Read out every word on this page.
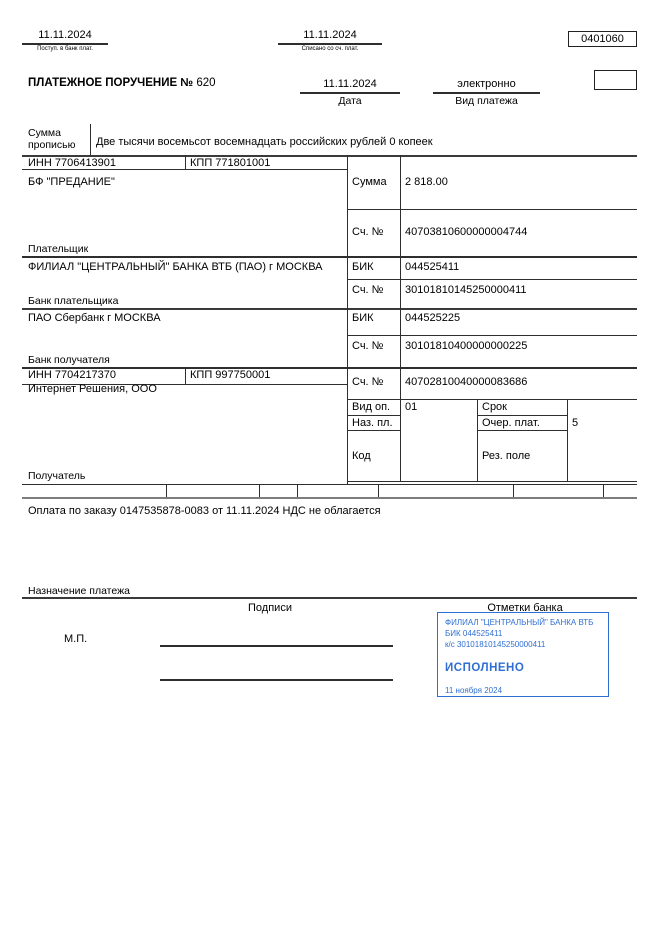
11.11.2024
Поступ. в банк плат.
11.11.2024
Списано со сч. плат.
0401060
ПЛАТЕЖНОЕ ПОРУЧЕНИЕ № 620	11.11.2024
Дата
электронно
Вид платежа
Сумма прописью	Две тысячи восемьсот восемнадцать российских рублей 0 копеек
ИНН 7706413901	КПП 771801001
БФ "ПРЕДАНИЕ"
Плательщик
Сумма 2 818.00
Сч. № 40703810600000004744
ФИЛИАЛ "ЦЕНТРАЛЬНЫЙ" БАНКА ВТБ (ПАО) г МОСКВА	БИК	044525411
Сч. № 30101810145250000411
Банк плательщика
ПАО Сбербанк г МОСКВА	БИК	044525225
Сч. № 30101810400000000225
Банк получателя
ИНН 7704217370	КПП 997750001
Сч. № 40702810040000083686
Интернет Решения, ООО
Вид оп. 01	Срок
Наз. пл.	Очер. плат.	5
Код	Рез. поле
Получатель
Оплата по заказу 0147535878-0083 от 11.11.2024 НДС не облагается
Назначение платежа
Подписи	Отметки банка
М.П.
ФИЛИАЛ "ЦЕНТРАЛЬНЫЙ" БАНКА ВТБ
БИК 044525411
к/с 30101810145250000411
ИСПОЛНЕНО
11 ноября 2024
